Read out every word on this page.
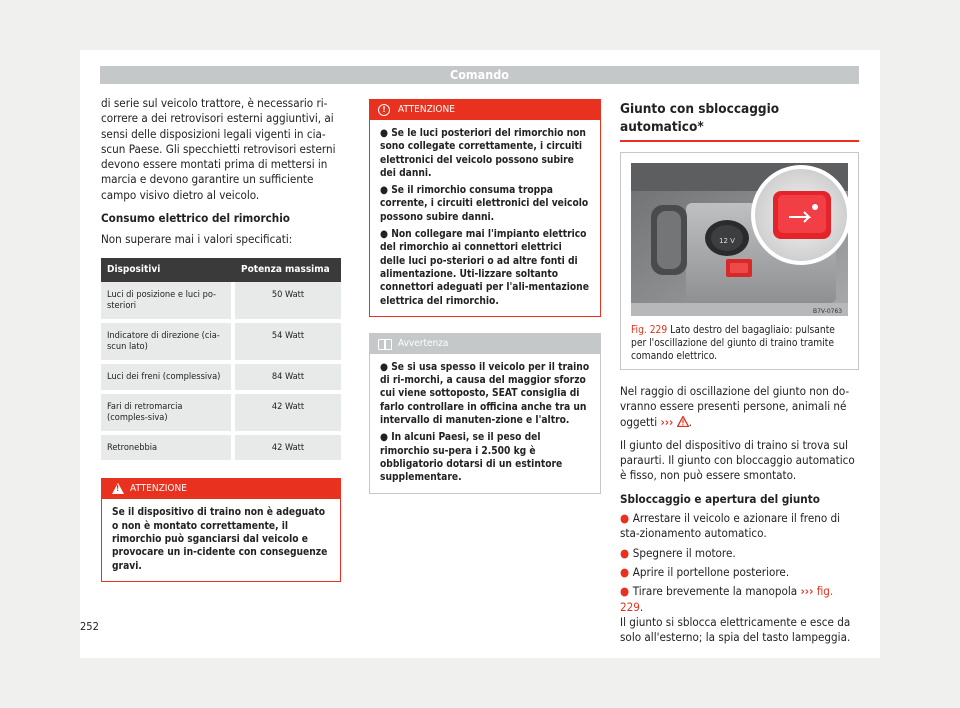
Comando

di serie sul veicolo trattore, è necessario ri-correre a dei retrovisori esterni aggiuntivi, ai sensi delle disposizioni legali vigenti in cia-scun Paese. Gli specchietti retrovisori esterni devono essere montati prima di mettersi in marcia e devono garantire un sufficiente campo visivo dietro al veicolo.

Consumo elettrico del rimorchio

Non superare mai i valori specificati:

Dispositivi	Potenza massima
Luci di posizione e luci po-steriori	50 Watt
Indicatore di direzione (cia-scun lato)	54 Watt
Luci dei freni (complessiva)	84 Watt
Fari di retromarcia (comples-siva)	42 Watt
Retronebbia	42 Watt
!
ATTENZIONE
Se il dispositivo di traino non è adeguato o non è montato correttamente, il rimorchio può sganciarsi dal veicolo e provocare un in-cidente con conseguenze gravi.
!	ATTENZIONE
● Se le luci posteriori del rimorchio non sono collegate correttamente, i circuiti elettronici del veicolo possono subire dei danni.
● Se il rimorchio consuma troppa corrente, i circuiti elettronici del veicolo possono subire danni.
● Non collegare mai l'impianto elettrico del rimorchio ai connettori elettrici delle luci po-steriori o ad altre fonti di alimentazione. Uti-lizzare soltanto connettori adeguati per l'ali-mentazione elettrica del rimorchio.
Avvertenza
● Se si usa spesso il veicolo per il traino di ri-morchi, a causa del maggior sforzo cui viene sottoposto, SEAT consiglia di farlo controllare in officina anche tra un intervallo di manuten-zione e l'altro.
● In alcuni Paesi, se il peso del rimorchio su-pera i 2.500 kg è obbligatorio dotarsi di un estintore supplementare.
Giunto con sbloccaggio automatico*
12 V
B7V-0763
Fig. 229 Lato destro del bagagliaio: pulsante per l'oscillazione del giunto di traino tramite comando elettrico.

Nel raggio di oscillazione del giunto non do-vranno essere presenti persone, animali né oggetti ››› .

Il giunto del dispositivo di traino si trova sul paraurti. Il giunto con bloccaggio automatico è fisso, non può essere smontato.

Sbloccaggio e apertura del giunto

● Arrestare il veicolo e azionare il freno di sta-zionamento automatico.

● Spegnere il motore.

● Aprire il portellone posteriore.

● Tirare brevemente la manopola ››› fig. 229.
Il giunto si sblocca elettricamente e esce da solo all'esterno; la spia del tasto lampeggia.

252
